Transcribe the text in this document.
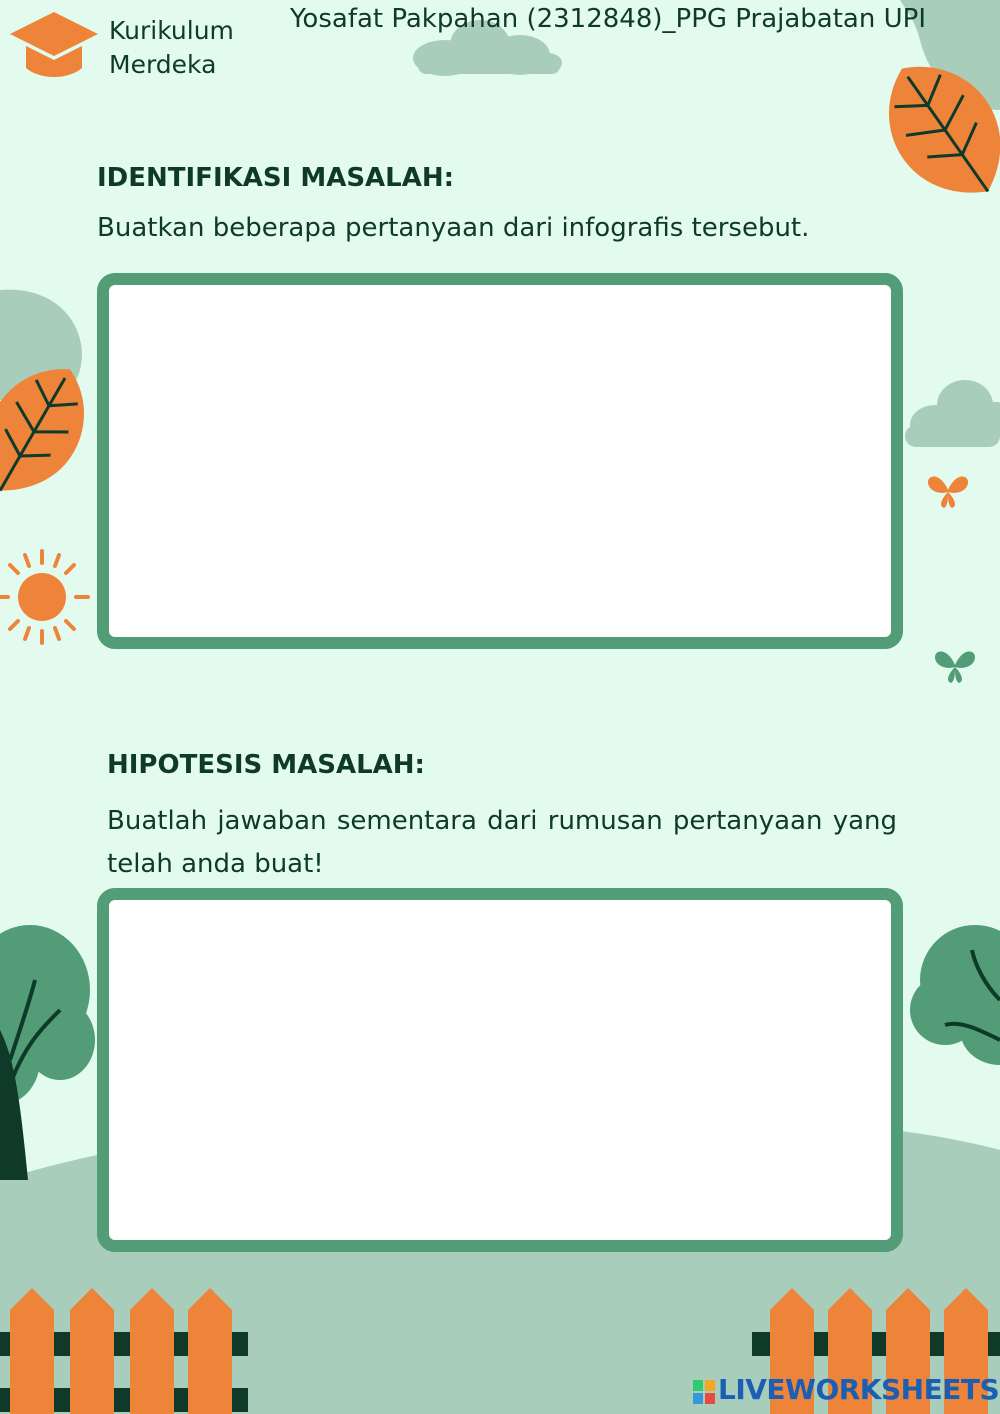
Kurikulum
Merdeka
Yosafat Pakpahan (2312848)_PPG Prajabatan UPI
IDENTIFIKASI MASALAH:
Buatkan beberapa pertanyaan dari infografis tersebut.
HIPOTESIS MASALAH:
Buatlah jawaban sementara dari rumusan pertanyaan yang telah anda buat!
LIVEWORKSHEETS
